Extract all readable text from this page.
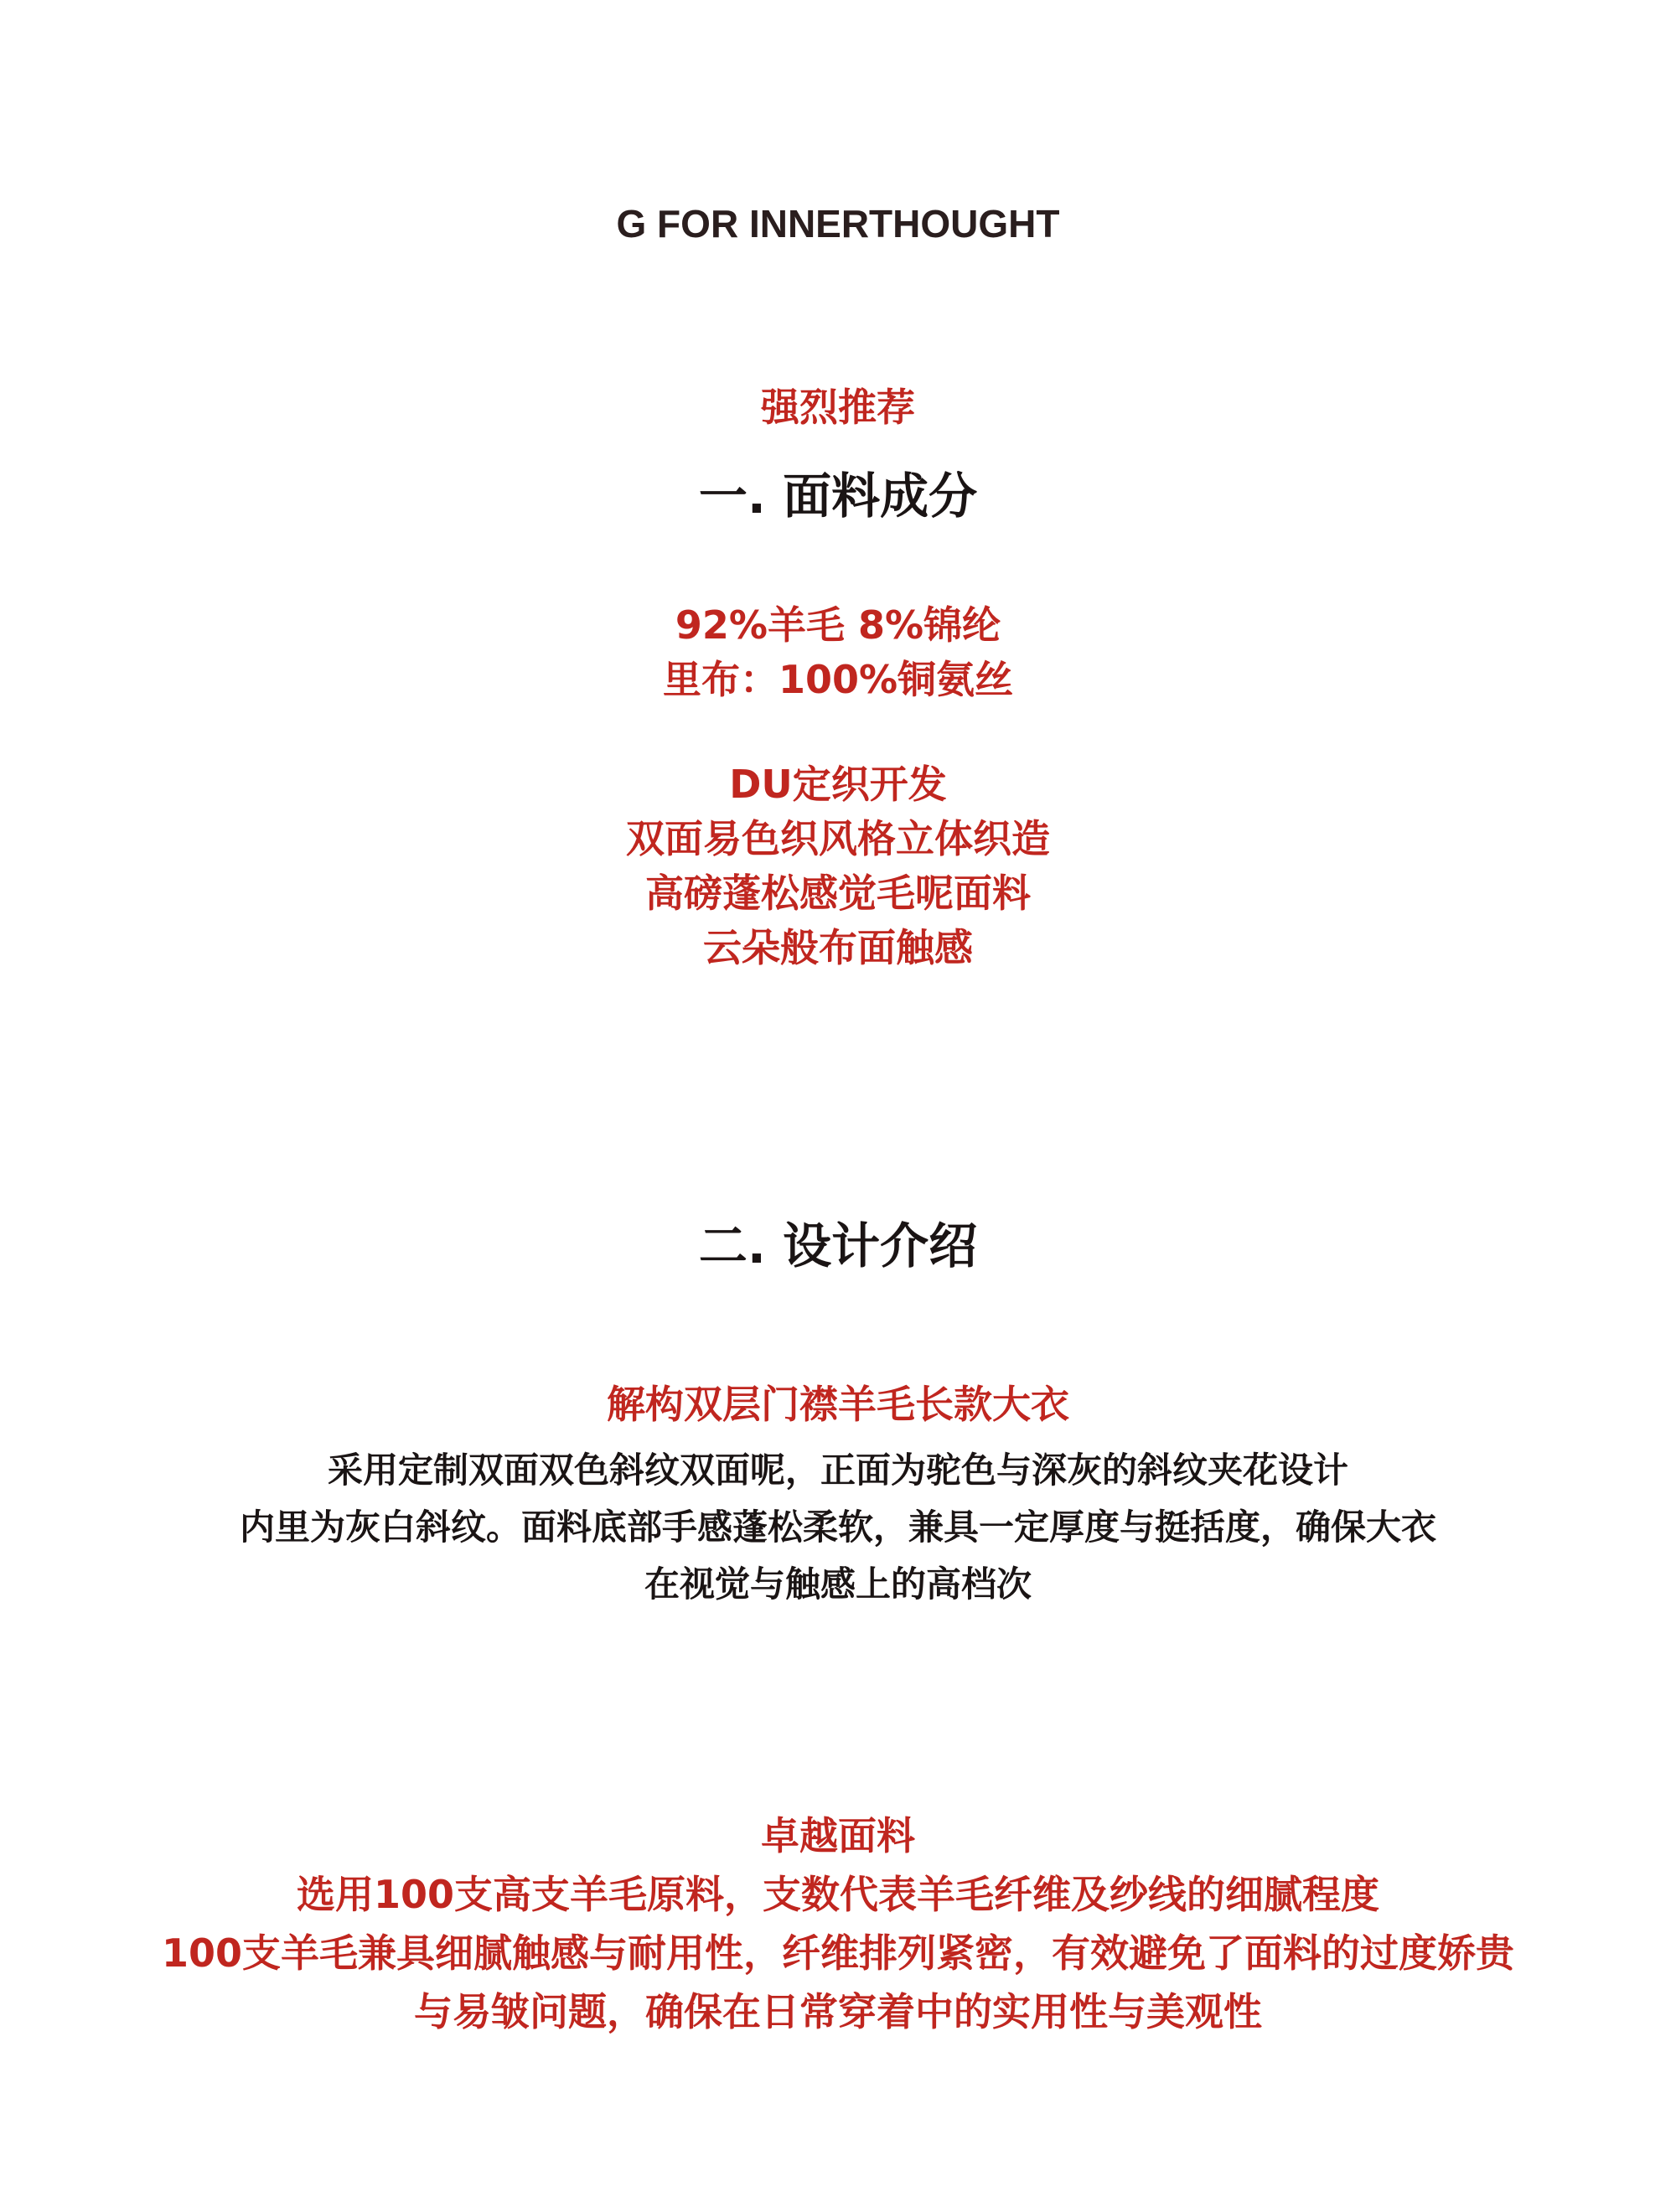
G FOR INNERTHOUGHT
强烈推荐
一. 面料成分
92%羊毛 8%锦纶
里布：100%铜氨丝
DU定织开发
双面易色织风格立体织造
高磅蓬松感觉毛呢面料
云朵般布面触感
二. 设计介绍
解构双层门襟羊毛长款大衣
采用定制双面双色斜纹双面呢，正面为驼色与深灰的斜纹夹花设计
内里为灰白斜纹。面料底部手感蓬松柔软，兼具一定厚度与挺括度，确保大衣
在视觉与触感上的高档次
卓越面料
选用100支高支羊毛原料，支数代表羊毛纤维及纱线的细腻程度
100支羊毛兼具细腻触感与耐用性，纤维排列紧密，有效避免了面料的过度娇贵
与易皱问题，确保在日常穿着中的实用性与美观性
